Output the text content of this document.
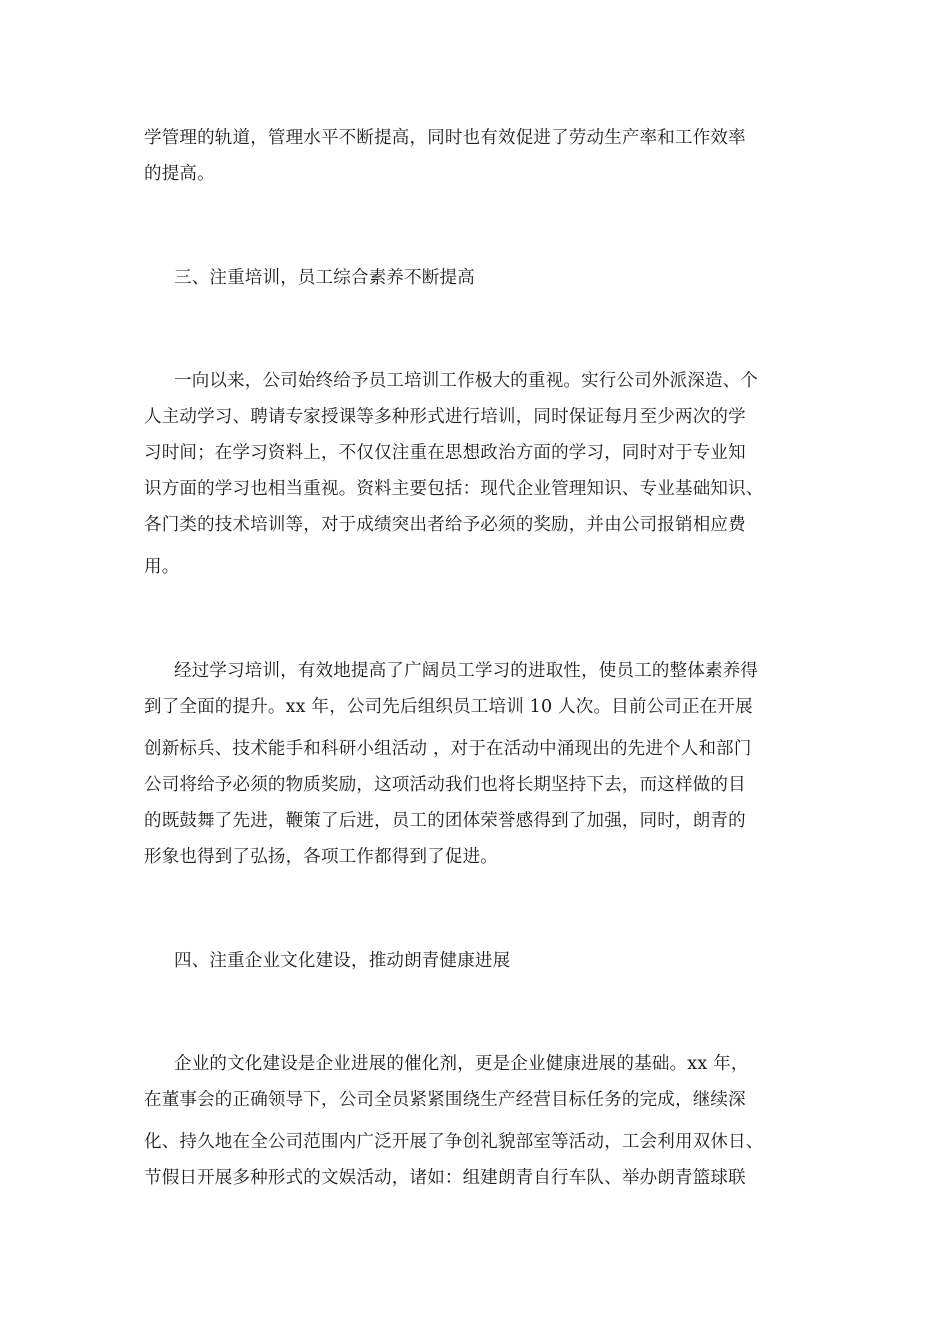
学管理的轨道，管理水平不断提高，同时也有效促进了劳动生产率和工作效率
的提高。
三、注重培训，员工综合素养不断提高
一向以来，公司始终给予员工培训工作极大的重视。实行公司外派深造、个
人主动学习、聘请专家授课等多种形式进行培训，同时保证每月至少两次的学
习时间；在学习资料上，不仅仅注重在思想政治方面的学习，同时对于专业知
识方面的学习也相当重视。资料主要包括：现代企业管理知识、专业基础知识、
各门类的技术培训等，对于成绩突出者给予必须的奖励，并由公司报销相应费
用。
经过学习培训，有效地提高了广阔员工学习的进取性，使员工的整体素养得
到了全面的提升。xx 年，公司先后组织员工培训 10 人次。目前公司正在开展
创新标兵、技术能手和科研小组活动 ，对于在活动中涌现出的先进个人和部门
公司将给予必须的物质奖励，这项活动我们也将长期坚持下去，而这样做的目
的既鼓舞了先进，鞭策了后进，员工的团体荣誉感得到了加强，同时，朗青的
形象也得到了弘扬，各项工作都得到了促进。
四、注重企业文化建设，推动朗青健康进展
企业的文化建设是企业进展的催化剂，更是企业健康进展的基础。xx 年，
在董事会的正确领导下，公司全员紧紧围绕生产经营目标任务的完成，继续深
化、持久地在全公司范围内广泛开展了争创礼貌部室等活动，工会利用双休日、
节假日开展多种形式的文娱活动，诸如：组建朗青自行车队、举办朗青篮球联
